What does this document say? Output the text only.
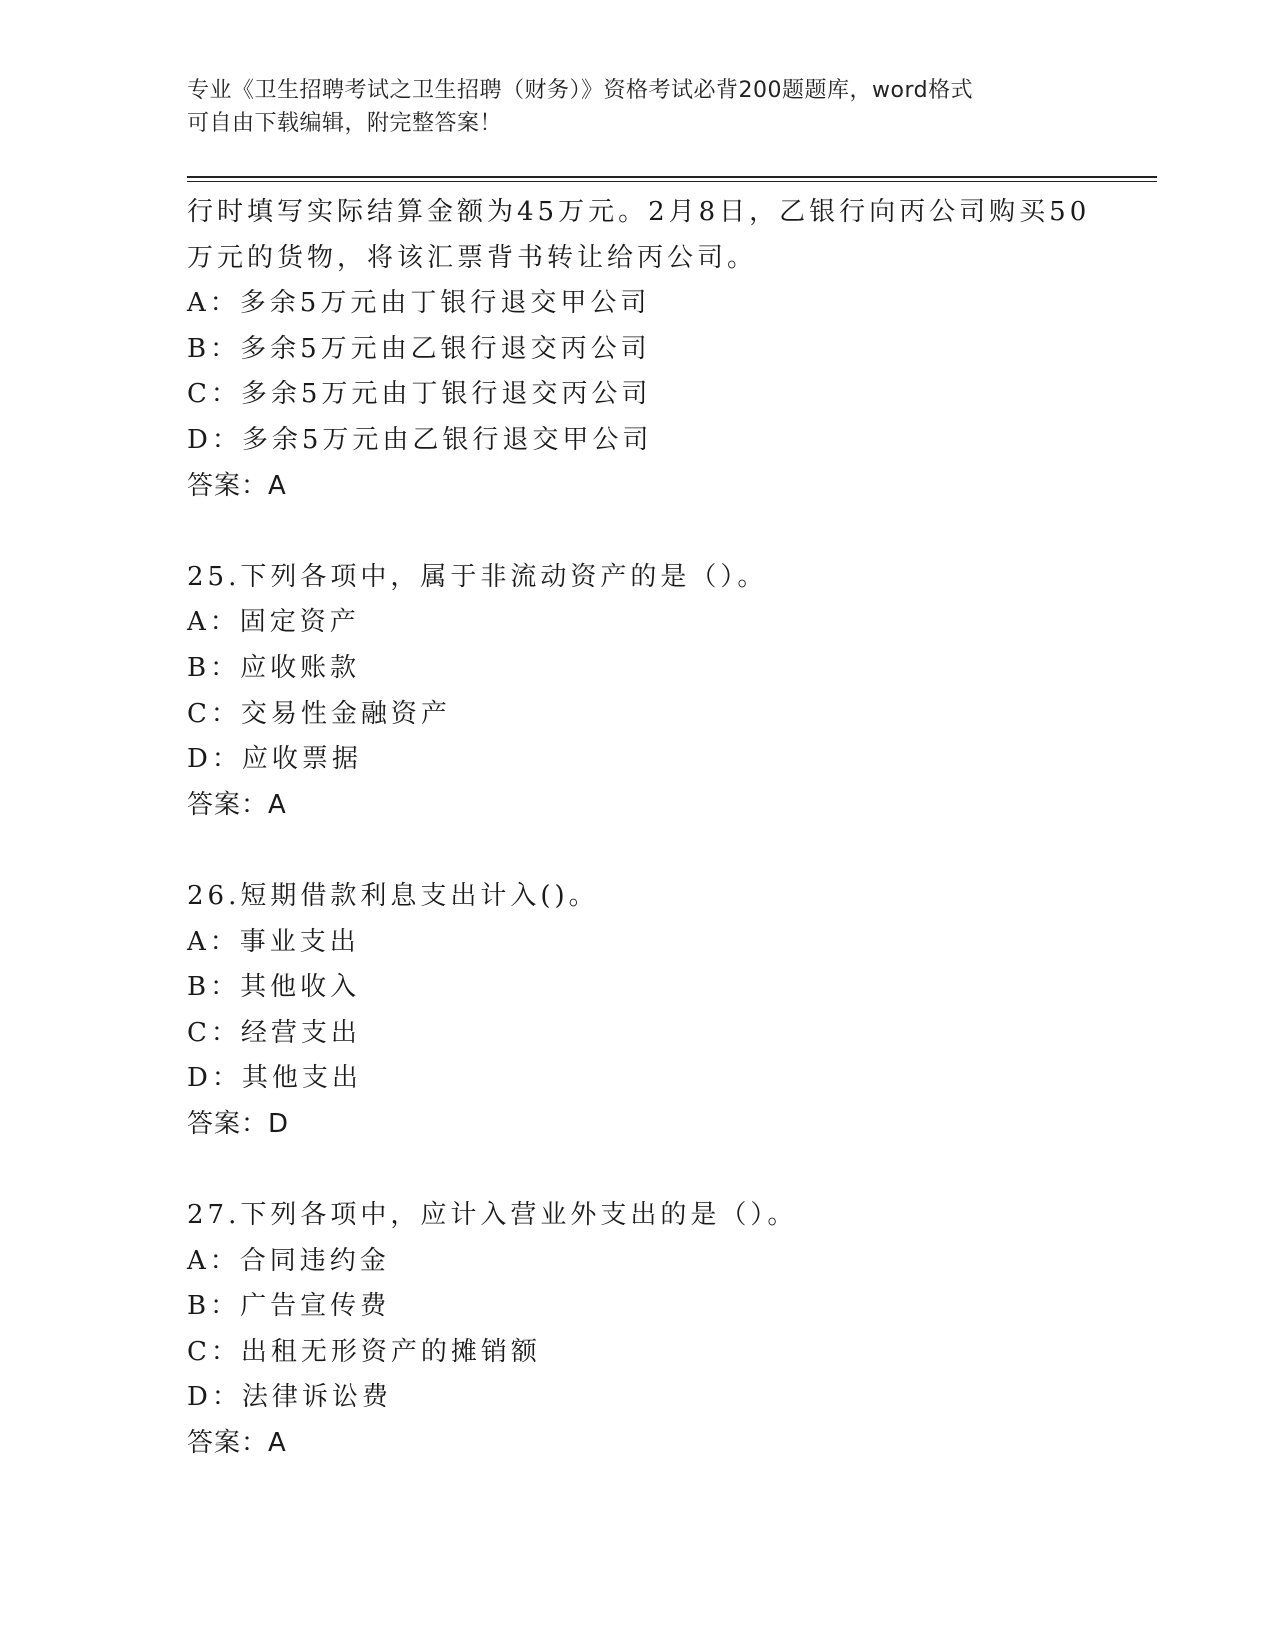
专业《卫生招聘考试之卫生招聘（财务）》资格考试必背200题题库，word格式
可自由下载编辑，附完整答案！
行时填写实际结算金额为45万元。2月8日，乙银行向丙公司购买50
万元的货物，将该汇票背书转让给丙公司。
A：多余5万元由丁银行退交甲公司
B：多余5万元由乙银行退交丙公司
C：多余5万元由丁银行退交丙公司
D：多余5万元由乙银行退交甲公司
答案：A
25.下列各项中，属于非流动资产的是（）。
A：固定资产
B：应收账款
C：交易性金融资产
D：应收票据
答案：A
26.短期借款利息支出计入()。
A：事业支出
B：其他收入
C：经营支出
D：其他支出
答案：D
27.下列各项中，应计入营业外支出的是（）。
A：合同违约金
B：广告宣传费
C：出租无形资产的摊销额
D：法律诉讼费
答案：A
